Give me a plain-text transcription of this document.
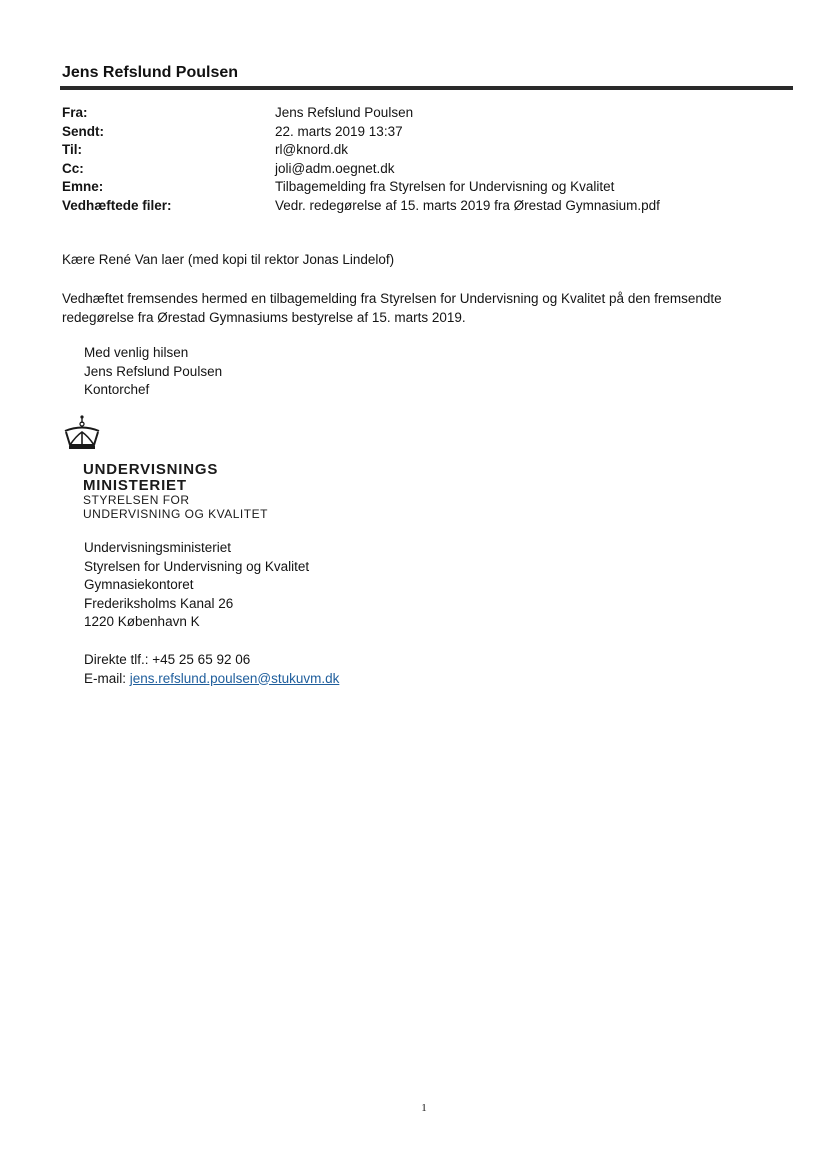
Jens Refslund Poulsen
Fra:	Jens Refslund Poulsen
Sendt:	22. marts 2019 13:37
Til:	rl@knord.dk
Cc:	joli@adm.oegnet.dk
Emne:	Tilbagemelding fra Styrelsen for Undervisning og Kvalitet
Vedhæftede filer:	Vedr. redegørelse af 15. marts 2019 fra Ørestad Gymnasium.pdf
Kære René Van laer (med kopi til rektor Jonas Lindelof)
Vedhæftet fremsendes hermed en tilbagemelding fra Styrelsen for Undervisning og Kvalitet på den fremsendte
redegørelse fra Ørestad Gymnasiums bestyrelse af 15. marts 2019.
Med venlig hilsen
Jens Refslund Poulsen
Kontorchef
UNDERVISNINGS
MINISTERIET
STYRELSEN FOR
UNDERVISNING OG KVALITET
Undervisningsministeriet
Styrelsen for Undervisning og Kvalitet
Gymnasiekontoret
Frederiksholms Kanal 26
1220 København K
Direkte tlf.: +45 25 65 92 06
E-mail: jens.refslund.poulsen@stukuvm.dk
1
